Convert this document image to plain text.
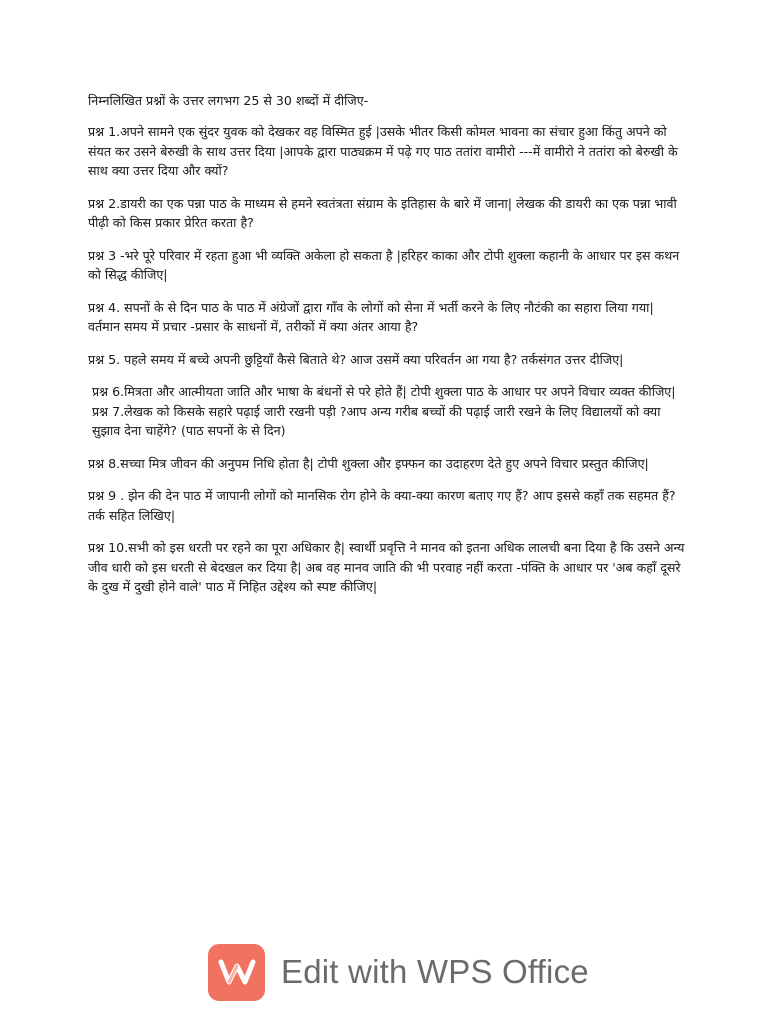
निम्नलिखित प्रश्नों के उत्तर लगभग 25 से 30 शब्दों में दीजिए-

प्रश्न 1.अपने सामने एक सुंदर युवक को देखकर वह विस्मित हुई |उसके भीतर किसी कोमल भावना का संचार हुआ किंतु अपने को संयत कर उसने बेरुखी के साथ उत्तर दिया |आपके द्वारा पाठ्यक्रम में पढ़े गए पाठ ततांरा वामीरो ---में वामीरो ने ततांरा को बेरुखी के साथ क्या उत्तर दिया और क्यों?

प्रश्न 2.डायरी का एक पन्ना पाठ के माध्यम से हमने स्वतंत्रता संग्राम के इतिहास के बारे में जाना| लेखक की डायरी का एक पन्ना भावी पीढ़ी को किस प्रकार प्रेरित करता है?

प्रश्न 3 -भरे पूरे परिवार में रहता हुआ भी व्यक्ति अकेला हो सकता है |हरिहर काका और टोपी शुक्ला कहानी के आधार पर इस कथन को सिद्ध कीजिए|

प्रश्न 4. सपनों के से दिन पाठ के पाठ में अंग्रेजों द्वारा गाँव के लोगों को सेना में भर्ती करने के लिए नौटंकी का सहारा लिया गया| वर्तमान समय में प्रचार -प्रसार के साधनों में, तरीकों में क्या अंतर आया है?

प्रश्न 5. पहले समय में बच्चे अपनी छुट्टियाँ कैसे बिताते थे? आज उसमें क्या परिवर्तन आ गया है? तर्कसंगत उत्तर दीजिए|

प्रश्न 6.मित्रता और आत्मीयता जाति और भाषा के बंधनों से परे होते हैं| टोपी शुक्ला पाठ के आधार पर अपने विचार व्यक्त कीजिए| प्रश्न 7.लेखक को किसके सहारे पढ़ाई जारी रखनी पड़ी ?आप अन्य गरीब बच्चों की पढ़ाई जारी रखने के लिए विद्यालयों को क्या सुझाव देना चाहेंगे? (पाठ सपनों के से दिन)

प्रश्न 8.सच्चा मित्र जीवन की अनुपम निधि होता है| टोपी शुक्ला और इफ्फन का उदाहरण देते हुए अपने विचार प्रस्तुत कीजिए|

प्रश्न 9 . झेन की देन पाठ में जापानी लोगों को मानसिक रोग होने के क्या-क्या कारण बताए गए हैं? आप इससे कहाँ तक सहमत हैं? तर्क सहित लिखिए|

प्रश्न 10.सभी को इस धरती पर रहने का पूरा अधिकार है| स्वार्थी प्रवृत्ति ने मानव को इतना अधिक लालची बना दिया है कि उसने अन्य जीव धारी को इस धरती से बेदखल कर दिया है| अब वह मानव जाति की भी परवाह नहीं करता -पंक्ति के आधार पर 'अब कहाँ दूसरे के दुख में दुखी होने वाले' पाठ में निहित उद्देश्य को स्पष्ट कीजिए|

Edit with WPS Office
